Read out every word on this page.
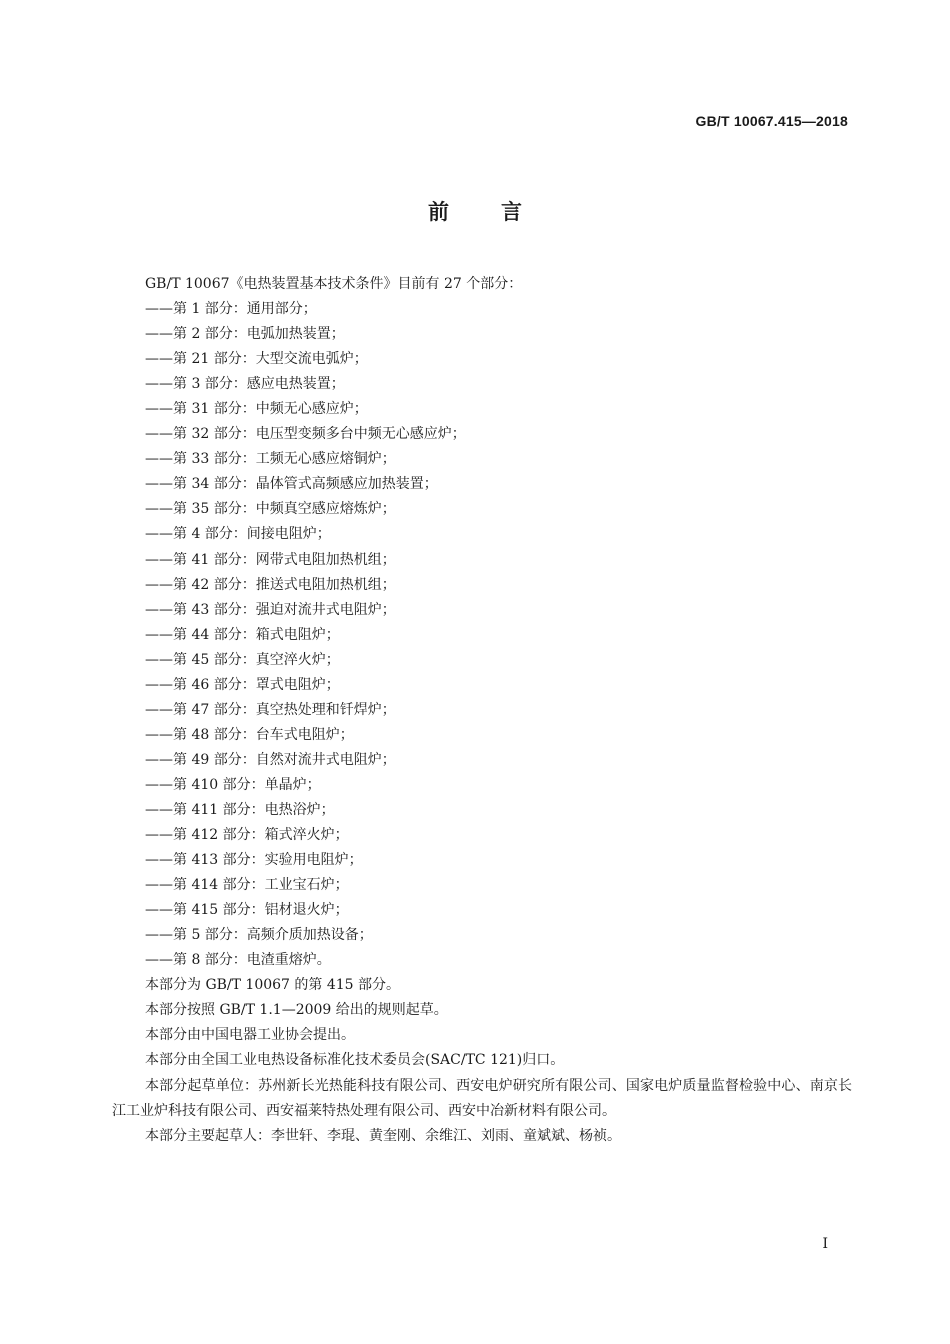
GB/T 10067.415—2018
前 言
GB/T 10067《电热装置基本技术条件》目前有 27 个部分：
——第 1 部分：通用部分；
——第 2 部分：电弧加热装置；
——第 21 部分：大型交流电弧炉；
——第 3 部分：感应电热装置；
——第 31 部分：中频无心感应炉；
——第 32 部分：电压型变频多台中频无心感应炉；
——第 33 部分：工频无心感应熔铜炉；
——第 34 部分：晶体管式高频感应加热装置；
——第 35 部分：中频真空感应熔炼炉；
——第 4 部分：间接电阻炉；
——第 41 部分：网带式电阻加热机组；
——第 42 部分：推送式电阻加热机组；
——第 43 部分：强迫对流井式电阻炉；
——第 44 部分：箱式电阻炉；
——第 45 部分：真空淬火炉；
——第 46 部分：罩式电阻炉；
——第 47 部分：真空热处理和钎焊炉；
——第 48 部分：台车式电阻炉；
——第 49 部分：自然对流井式电阻炉；
——第 410 部分：单晶炉；
——第 411 部分：电热浴炉；
——第 412 部分：箱式淬火炉；
——第 413 部分：实验用电阻炉；
——第 414 部分：工业宝石炉；
——第 415 部分：铝材退火炉；
——第 5 部分：高频介质加热设备；
——第 8 部分：电渣重熔炉。
本部分为 GB/T 10067 的第 415 部分。
本部分按照 GB/T 1.1—2009 给出的规则起草。
本部分由中国电器工业协会提出。
本部分由全国工业电热设备标准化技术委员会(SAC/TC 121)归口。
本部分起草单位：苏州新长光热能科技有限公司、西安电炉研究所有限公司、国家电炉质量监督检验中心、南京长江工业炉科技有限公司、西安福莱特热处理有限公司、西安中冶新材料有限公司。
本部分主要起草人：李世轩、李琨、黄奎刚、余维江、刘雨、童斌斌、杨祯。
I
